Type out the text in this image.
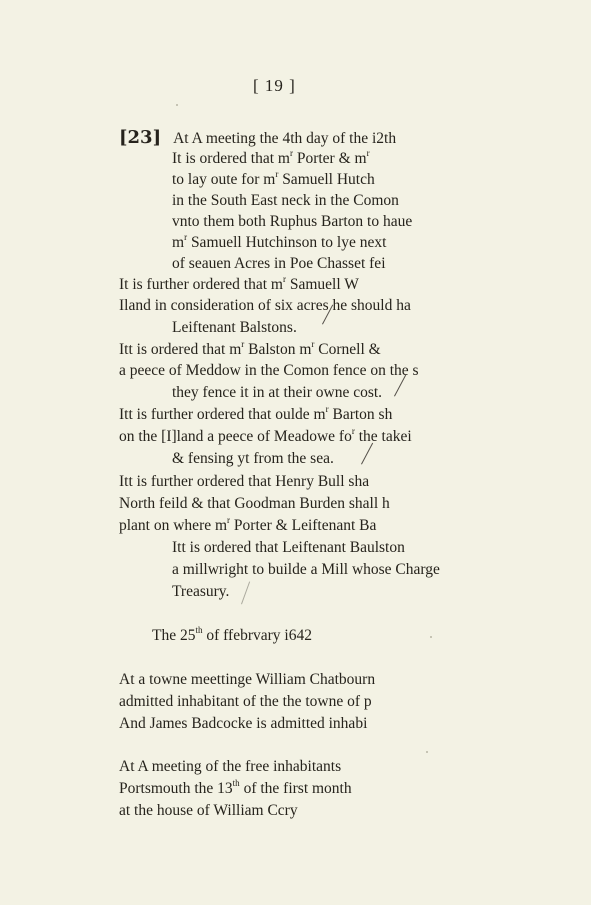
[ 19 ]
[23] At A meeting the 4th day of the i2th
It is ordered that $m^r$ Porter & $m^r$
to lay oute for $m^r$ Samuell Hutch
in the South East neck in the Comon
vnto them both Ruphus Barton to haue
$m^r$ Samuell Hutchinson to lye next
of seauen Acres in Poe Chasset fei
It is further ordered that $m^r$ Samuell W
Iland in consideration of six acres he should ha
Leiftenant Balstons.
Itt is ordered that $m^r$ Balston $m^r$ Cornell &
a peece of Meddow in the Comon fence on the s
they fence it in at their owne cost.
Itt is further ordered that oulde $m^r$ Barton sh
on the [I]land a peece of Meadowe $fo^r$ the takei
& fensing yt from the sea.
Itt is further ordered that Henry Bull sha
North feild & that Goodman Burden shall h
plant on where $m^r$ Porter & Leiftenant Ba
Itt is ordered that Leiftenant Baulston
a millwright to builde a Mill whose Charge
Treasury.
The 25th of ffebrvary i642
At a towne meettinge William Chatbourn
admitted inhabitant of the the towne of p
And James Badcocke is admitted inhabi
At A meeting of the free inhabitants
Portsmouth the 13th of the first month
at the house of William Ccry
